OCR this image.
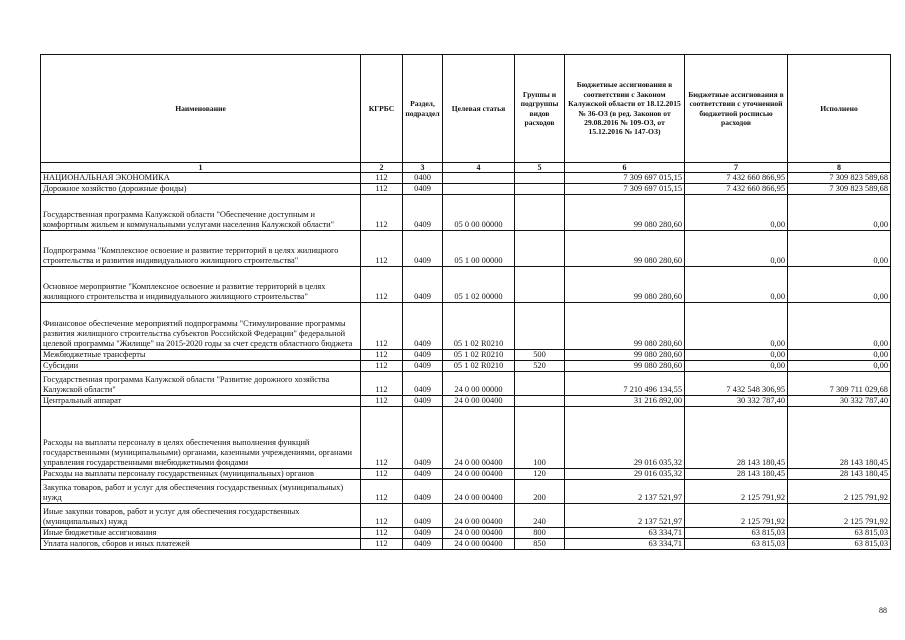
Наименование	КГРБС	Раздел, подраздел	Целевая статья	Группы и подгруппы видов расходов	Бюджетные ассигнования в соответствии с Законом Калужской области от 18.12.2015 № 36-ОЗ (в ред. Законов от 29.08.2016 № 109-ОЗ, от 15.12.2016 № 147-ОЗ)	Бюджетные ассигнования в соответствии с уточненной бюджетной росписью расходов	Исполнено
1	2	3	4	5	6	7	8
НАЦИОНАЛЬНАЯ ЭКОНОМИКА	112	0400			7 309 697 015,15	7 432 660 866,95	7 309 823 589,68
Дорожное хозяйство (дорожные фонды)	112	0409			7 309 697 015,15	7 432 660 866,95	7 309 823 589,68
Государственная программа Калужской области "Обеспечение доступным и комфортным жильем и коммунальными услугами населения Калужской области"	112	0409	05 0 00 00000		99 080 280,60	0,00	0,00
Подпрограмма "Комплексное освоение и развитие территорий в целях жилищного строительства и развития индивидуального жилищного строительства"	112	0409	05 1 00 00000		99 080 280,60	0,00	0,00
Основное мероприятие "Комплексное освоение и развитие территорий в целях жилищного строительства и индивидуального жилищного строительства"	112	0409	05 1 02 00000		99 080 280,60	0,00	0,00
Финансовое обеспечение мероприятий подпрограммы "Стимулирование программы развития жилищного строительства субъектов Российской Федерации" федеральной целевой программы "Жилище" на 2015-2020 годы за счет средств областного бюджета	112	0409	05 1 02 R0210		99 080 280,60	0,00	0,00
Межбюджетные трансферты	112	0409	05 1 02 R0210	500	99 080 280,60	0,00	0,00
Субсидии	112	0409	05 1 02 R0210	520	99 080 280,60	0,00	0,00
Государственная программа Калужской области "Развитие дорожного хозяйства Калужской области"	112	0409	24 0 00 00000		7 210 496 134,55	7 432 548 306,95	7 309 711 029,68
Центральный аппарат	112	0409	24 0 00 00400		31 216 892,00	30 332 787,40	30 332 787,40
Расходы на выплаты персоналу в целях обеспечения выполнения функций государственными (муниципальными) органами, казенными учреждениями, органами управления государственными внебюджетными фондами	112	0409	24 0 00 00400	100	29 016 035,32	28 143 180,45	28 143 180,45
Расходы на выплаты персоналу государственных (муниципальных) органов	112	0409	24 0 00 00400	120	29 016 035,32	28 143 180,45	28 143 180,45
Закупка товаров, работ и услуг для обеспечения государственных (муниципальных) нужд	112	0409	24 0 00 00400	200	2 137 521,97	2 125 791,92	2 125 791,92
Иные закупки товаров, работ и услуг для обеспечения государственных (муниципальных) нужд	112	0409	24 0 00 00400	240	2 137 521,97	2 125 791,92	2 125 791,92
Иные бюджетные ассигнования	112	0409	24 0 00 00400	800	63 334,71	63 815,03	63 815,03
Уплата налогов, сборов и иных платежей	112	0409	24 0 00 00400	850	63 334,71	63 815,03	63 815,03
88
